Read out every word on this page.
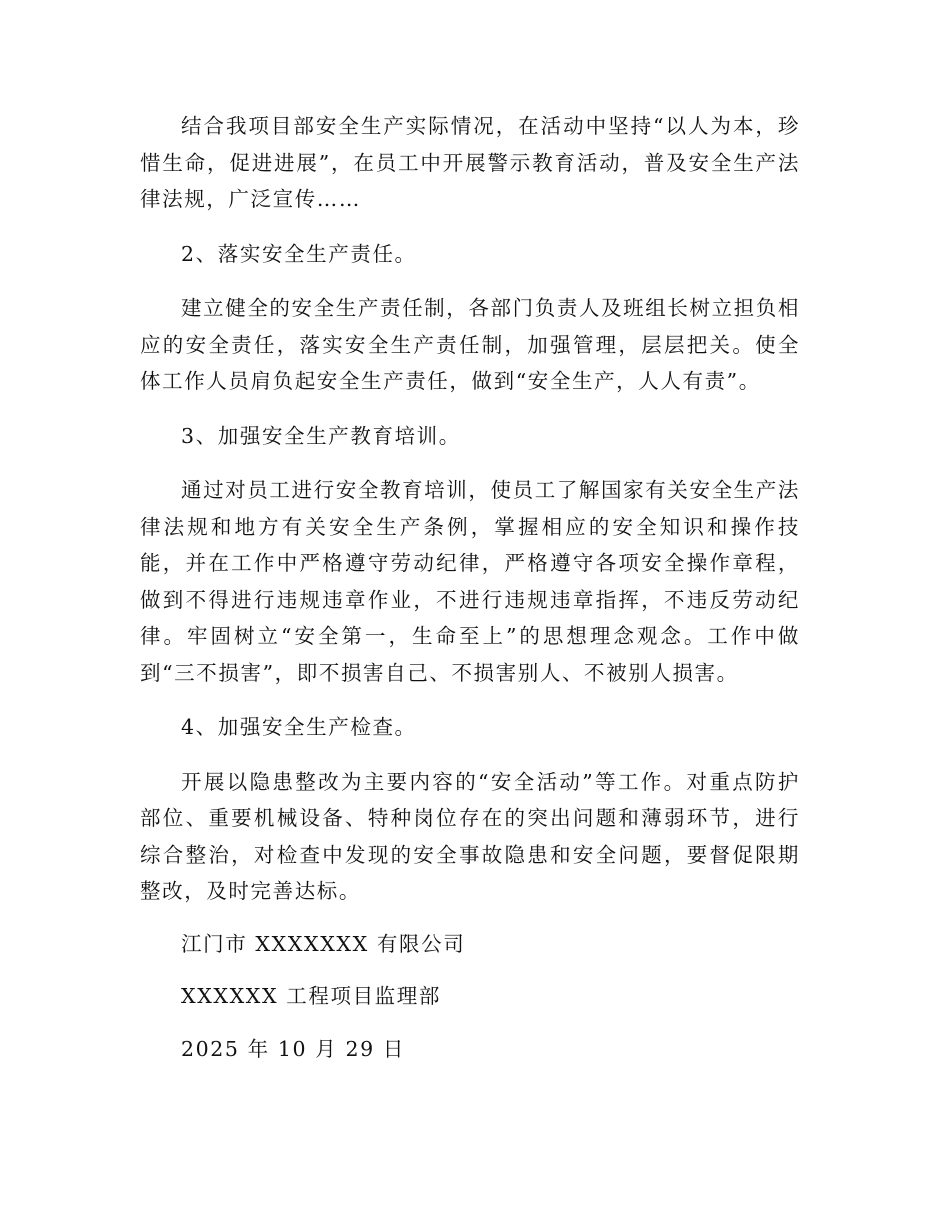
结合我项目部安全生产实际情况，在活动中坚持“以人为本，珍惜生命，促进进展”，在员工中开展警示教育活动，普及安全生产法律法规，广泛宣传……

2、落实安全生产责任。

建立健全的安全生产责任制，各部门负责人及班组长树立担负相应的安全责任，落实安全生产责任制，加强管理，层层把关。使全体工作人员肩负起安全生产责任，做到“安全生产，人人有责”。

3、加强安全生产教育培训。

通过对员工进行安全教育培训，使员工了解国家有关安全生产法律法规和地方有关安全生产条例，掌握相应的安全知识和操作技能，并在工作中严格遵守劳动纪律，严格遵守各项安全操作章程，做到不得进行违规违章作业，不进行违规违章指挥，不违反劳动纪律。牢固树立“安全第一，生命至上”的思想理念观念。工作中做到“三不损害”，即不损害自己、不损害别人、不被别人损害。

4、加强安全生产检查。

开展以隐患整改为主要内容的“安全活动”等工作。对重点防护部位、重要机械设备、特种岗位存在的突出问题和薄弱环节，进行综合整治，对检查中发现的安全事故隐患和安全问题，要督促限期整改，及时完善达标。

江门市 XXXXXXX 有限公司

XXXXXX 工程项目监理部

2025 年 10 月 29 日
